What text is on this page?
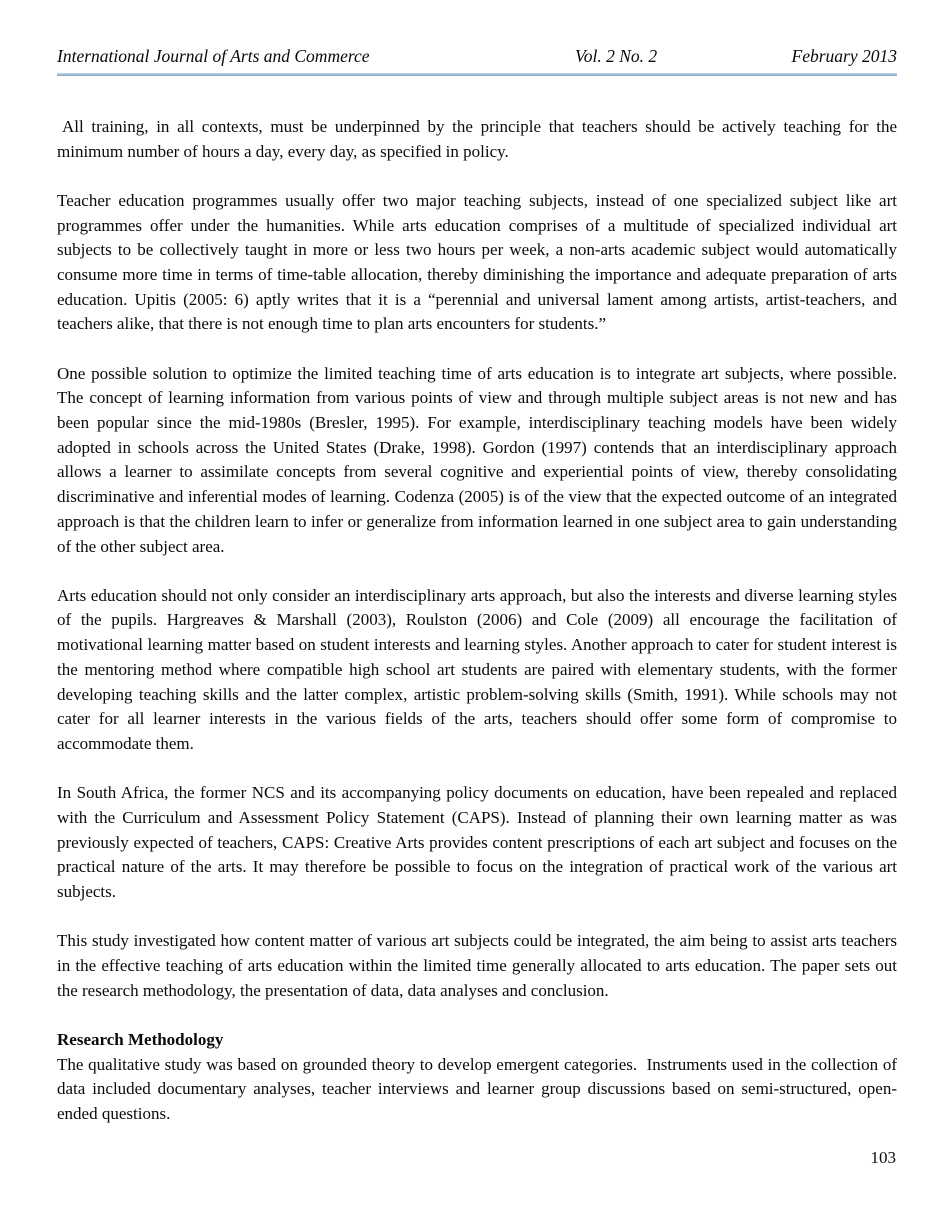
International Journal of Arts and Commerce	Vol. 2 No. 2	February 2013

All training, in all contexts, must be underpinned by the principle that teachers should be actively teaching for the minimum number of hours a day, every day, as specified in policy.

Teacher education programmes usually offer two major teaching subjects, instead of one specialized subject like art programmes offer under the humanities. While arts education comprises of a multitude of specialized individual art subjects to be collectively taught in more or less two hours per week, a non-arts academic subject would automatically consume more time in terms of time-table allocation, thereby diminishing the importance and adequate preparation of arts education. Upitis (2005: 6) aptly writes that it is a “perennial and universal lament among artists, artist-teachers, and teachers alike, that there is not enough time to plan arts encounters for students.”

One possible solution to optimize the limited teaching time of arts education is to integrate art subjects, where possible. The concept of learning information from various points of view and through multiple subject areas is not new and has been popular since the mid-1980s (Bresler, 1995). For example, interdisciplinary teaching models have been widely adopted in schools across the United States (Drake, 1998). Gordon (1997) contends that an interdisciplinary approach allows a learner to assimilate concepts from several cognitive and experiential points of view, thereby consolidating discriminative and inferential modes of learning. Codenza (2005) is of the view that the expected outcome of an integrated approach is that the children learn to infer or generalize from information learned in one subject area to gain understanding of the other subject area.

Arts education should not only consider an interdisciplinary arts approach, but also the interests and diverse learning styles of the pupils. Hargreaves & Marshall (2003), Roulston (2006) and Cole (2009) all encourage the facilitation of motivational learning matter based on student interests and learning styles. Another approach to cater for student interest is the mentoring method where compatible high school art students are paired with elementary students, with the former developing teaching skills and the latter complex, artistic problem-solving skills (Smith, 1991). While schools may not cater for all learner interests in the various fields of the arts, teachers should offer some form of compromise to accommodate them.

In South Africa, the former NCS and its accompanying policy documents on education, have been repealed and replaced with the Curriculum and Assessment Policy Statement (CAPS). Instead of planning their own learning matter as was previously expected of teachers, CAPS: Creative Arts provides content prescriptions of each art subject and focuses on the practical nature of the arts. It may therefore be possible to focus on the integration of practical work of the various art subjects.

This study investigated how content matter of various art subjects could be integrated, the aim being to assist arts teachers in the effective teaching of arts education within the limited time generally allocated to arts education. The paper sets out the research methodology, the presentation of data, data analyses and conclusion.

Research Methodology

The qualitative study was based on grounded theory to develop emergent categories.  Instruments used in the collection of data included documentary analyses, teacher interviews and learner group discussions based on semi-structured, open-ended questions.

103
